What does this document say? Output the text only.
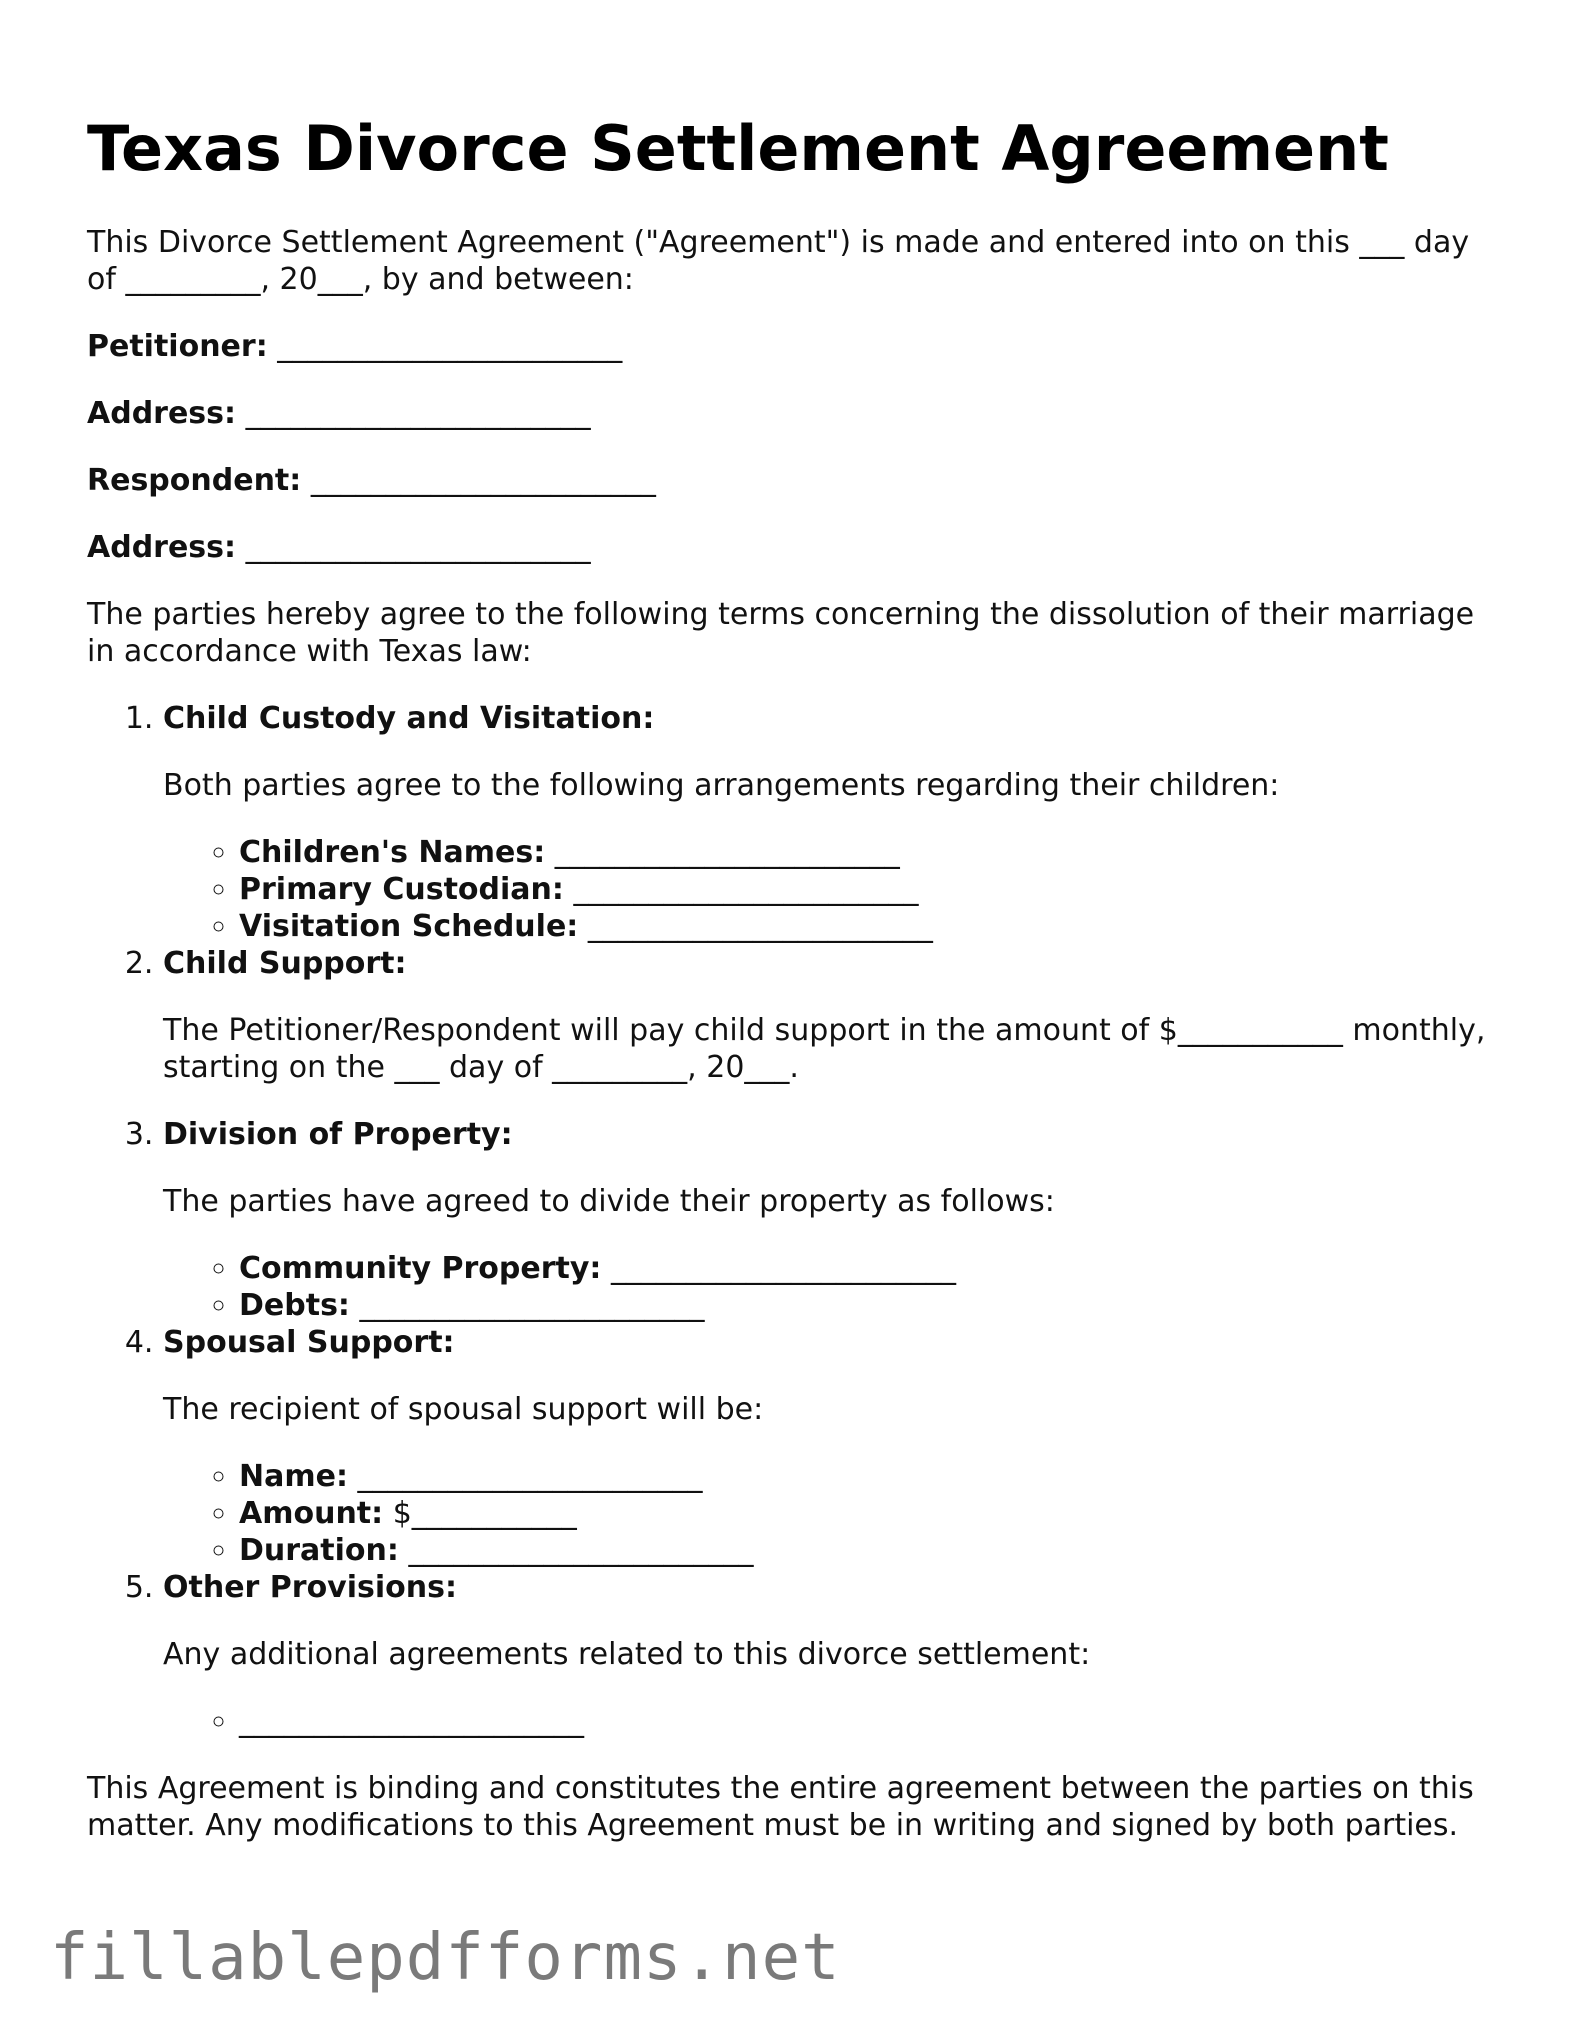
Texas Divorce Settlement Agreement

This Divorce Settlement Agreement ("Agreement") is made and entered into on this ___ day of _________, 20___, by and between:

Petitioner: _______________________
Address: _______________________
Respondent: _______________________
Address: _______________________

The parties hereby agree to the following terms concerning the dissolution of their marriage in accordance with Texas law:

1. Child Custody and Visitation:

Both parties agree to the following arrangements regarding their children:

◦ Children's Names: _______________________
◦ Primary Custodian: _______________________
◦ Visitation Schedule: _______________________
2. Child Support:

The Petitioner/Respondent will pay child support in the amount of $___________ monthly, starting on the ___ day of _________, 20___.

3. Division of Property:

The parties have agreed to divide their property as follows:

◦ Community Property: _______________________
◦ Debts: _______________________
4. Spousal Support:

The recipient of spousal support will be:

◦ Name: _______________________
◦ Amount: $___________
◦ Duration: _______________________
5. Other Provisions:

Any additional agreements related to this divorce settlement:

◦ _______________________

This Agreement is binding and constitutes the entire agreement between the parties on this matter. Any modifications to this Agreement must be in writing and signed by both parties.

fillablepdfforms.net
